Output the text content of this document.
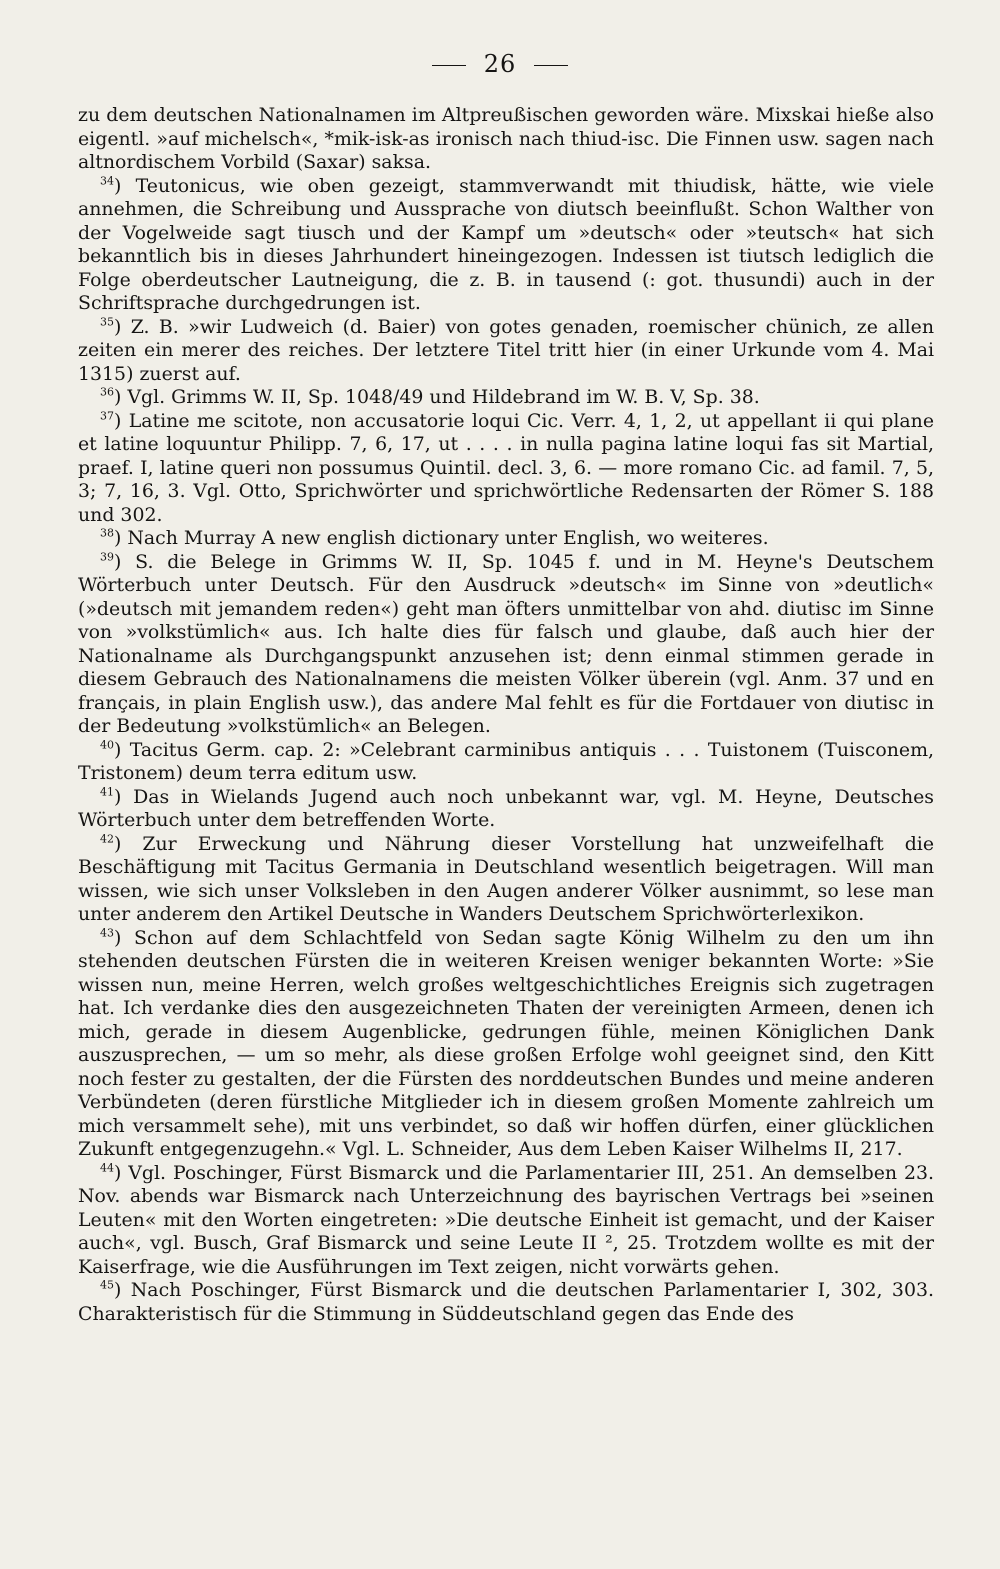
26

zu dem deutschen Nationalnamen im Altpreußischen geworden wäre. Mixskai hieße also eigentl. »auf michelsch«, *mik-isk-as ironisch nach thiud-isc. Die Finnen usw. sagen nach altnordischem Vorbild (Saxar) saksa.

$^{34}$) Teutonicus, wie oben gezeigt, stammverwandt mit thiudisk, hätte, wie viele annehmen, die Schreibung und Aussprache von diutsch beeinflußt. Schon Walther von der Vogelweide sagt tiusch und der Kampf um »deutsch« oder »teutsch« hat sich bekanntlich bis in dieses Jahrhundert hineingezogen. Indessen ist tiutsch lediglich die Folge oberdeutscher Lautneigung, die z. B. in tausend (: got. thusundi) auch in der Schriftsprache durchgedrungen ist.

$^{35}$) Z. B. »wir Ludweich (d. Baier) von gotes genaden, roemischer chünich, ze allen zeiten ein merer des reiches. Der letztere Titel tritt hier (in einer Urkunde vom 4. Mai 1315) zuerst auf.

$^{36}$) Vgl. Grimms W. II, Sp. 1048/49 und Hildebrand im W. B. V, Sp. 38.

$^{37}$) Latine me scitote, non accusatorie loqui Cic. Verr. 4, 1, 2, ut appellant ii qui plane et latine loquuntur Philipp. 7, 6, 17, ut . . . . in nulla pagina latine loqui fas sit Martial, praef. I, latine queri non possumus Quintil. decl. 3, 6. — more romano Cic. ad famil. 7, 5, 3; 7, 16, 3. Vgl. Otto, Sprichwörter und sprichwörtliche Redensarten der Römer S. 188 und 302.

$^{38}$) Nach Murray A new english dictionary unter English, wo weiteres.

$^{39}$) S. die Belege in Grimms W. II, Sp. 1045 f. und in M. Heyne's Deutschem Wörterbuch unter Deutsch. Für den Ausdruck »deutsch« im Sinne von »deutlich« (»deutsch mit jemandem reden«) geht man öfters unmittelbar von ahd. diutisc im Sinne von »volkstümlich« aus. Ich halte dies für falsch und glaube, daß auch hier der Nationalname als Durchgangspunkt anzusehen ist; denn einmal stimmen gerade in diesem Gebrauch des Nationalnamens die meisten Völker überein (vgl. Anm. 37 und en français, in plain English usw.), das andere Mal fehlt es für die Fortdauer von diutisc in der Bedeutung »volkstümlich« an Belegen.

$^{40}$) Tacitus Germ. cap. 2: »Celebrant carminibus antiquis . . . Tuistonem (Tuisconem, Tristonem) deum terra editum usw.

$^{41}$) Das in Wielands Jugend auch noch unbekannt war, vgl. M. Heyne, Deutsches Wörterbuch unter dem betreffenden Worte.

$^{42}$) Zur Erweckung und Nährung dieser Vorstellung hat unzweifelhaft die Beschäftigung mit Tacitus Germania in Deutschland wesentlich beigetragen. Will man wissen, wie sich unser Volksleben in den Augen anderer Völker ausnimmt, so lese man unter anderem den Artikel Deutsche in Wanders Deutschem Sprichwörterlexikon.

$^{43}$) Schon auf dem Schlachtfeld von Sedan sagte König Wilhelm zu den um ihn stehenden deutschen Fürsten die in weiteren Kreisen weniger bekannten Worte: »Sie wissen nun, meine Herren, welch großes weltgeschichtliches Ereignis sich zugetragen hat. Ich verdanke dies den ausgezeichneten Thaten der vereinigten Armeen, denen ich mich, gerade in diesem Augenblicke, gedrungen fühle, meinen Königlichen Dank auszusprechen, — um so mehr, als diese großen Erfolge wohl geeignet sind, den Kitt noch fester zu gestalten, der die Fürsten des norddeutschen Bundes und meine anderen Verbündeten (deren fürstliche Mitglieder ich in diesem großen Momente zahlreich um mich versammelt sehe), mit uns verbindet, so daß wir hoffen dürfen, einer glücklichen Zukunft entgegenzugehn.« Vgl. L. Schneider, Aus dem Leben Kaiser Wilhelms II, 217.

$^{44}$) Vgl. Poschinger, Fürst Bismarck und die Parlamentarier III, 251. An demselben 23. Nov. abends war Bismarck nach Unterzeichnung des bayrischen Vertrags bei »seinen Leuten« mit den Worten eingetreten: »Die deutsche Einheit ist gemacht, und der Kaiser auch«, vgl. Busch, Graf Bismarck und seine Leute II ², 25. Trotzdem wollte es mit der Kaiserfrage, wie die Ausführungen im Text zeigen, nicht vorwärts gehen.

$^{45}$) Nach Poschinger, Fürst Bismarck und die deutschen Parlamentarier I, 302, 303. Charakteristisch für die Stimmung in Süddeutschland gegen das Ende des
